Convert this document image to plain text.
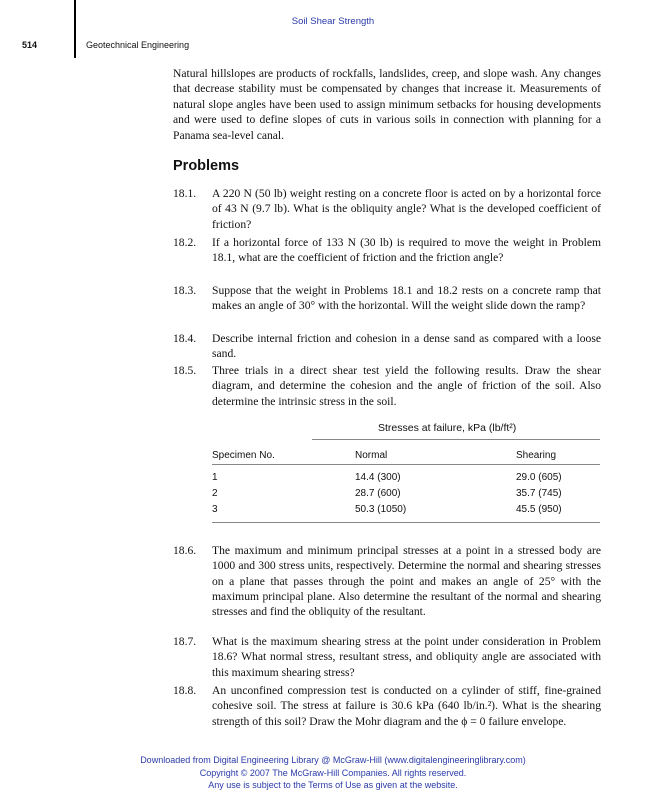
Soil Shear Strength
514	Geotechnical Engineering

Natural hillslopes are products of rockfalls, landslides, creep, and slope wash. Any changes that decrease stability must be compensated by changes that increase it. Measurements of natural slope angles have been used to assign minimum setbacks for housing developments and were used to define slopes of cuts in various soils in connection with planning for a Panama sea-level canal.

Problems
18.1.	A 220 N (50 lb) weight resting on a concrete floor is acted on by a horizontal force of 43 N (9.7 lb). What is the obliquity angle? What is the developed coefficient of friction?
18.2.	If a horizontal force of 133 N (30 lb) is required to move the weight in Problem 18.1, what are the coefficient of friction and the friction angle?
18.3.	Suppose that the weight in Problems 18.1 and 18.2 rests on a concrete ramp that makes an angle of 30° with the horizontal. Will the weight slide down the ramp?
18.4.	Describe internal friction and cohesion in a dense sand as compared with a loose sand.
18.5.	Three trials in a direct shear test yield the following results. Draw the shear diagram, and determine the cohesion and the angle of friction of the soil. Also determine the intrinsic stress in the soil.
Stresses at failure, kPa (lb/ft²)
Specimen No.	Normal	Shearing
1	14.4 (300)	29.0 (605)
2	28.7 (600)	35.7 (745)
3	50.3 (1050)	45.5 (950)
18.6.	The maximum and minimum principal stresses at a point in a stressed body are 1000 and 300 stress units, respectively. Determine the normal and shearing stresses on a plane that passes through the point and makes an angle of 25° with the maximum principal plane. Also determine the resultant of the normal and shearing stresses and find the obliquity of the resultant.
18.7.	What is the maximum shearing stress at the point under consideration in Problem 18.6? What normal stress, resultant stress, and obliquity angle are associated with this maximum shearing stress?
18.8.	An unconfined compression test is conducted on a cylinder of stiff, fine-grained cohesive soil. The stress at failure is 30.6 kPa (640 lb/in.²). What is the shearing strength of this soil? Draw the Mohr diagram and the ϕ = 0 failure envelope.
Downloaded from Digital Engineering Library @ McGraw-Hill (www.digitalengineeringlibrary.com)
Copyright © 2007 The McGraw-Hill Companies. All rights reserved.
Any use is subject to the Terms of Use as given at the website.
